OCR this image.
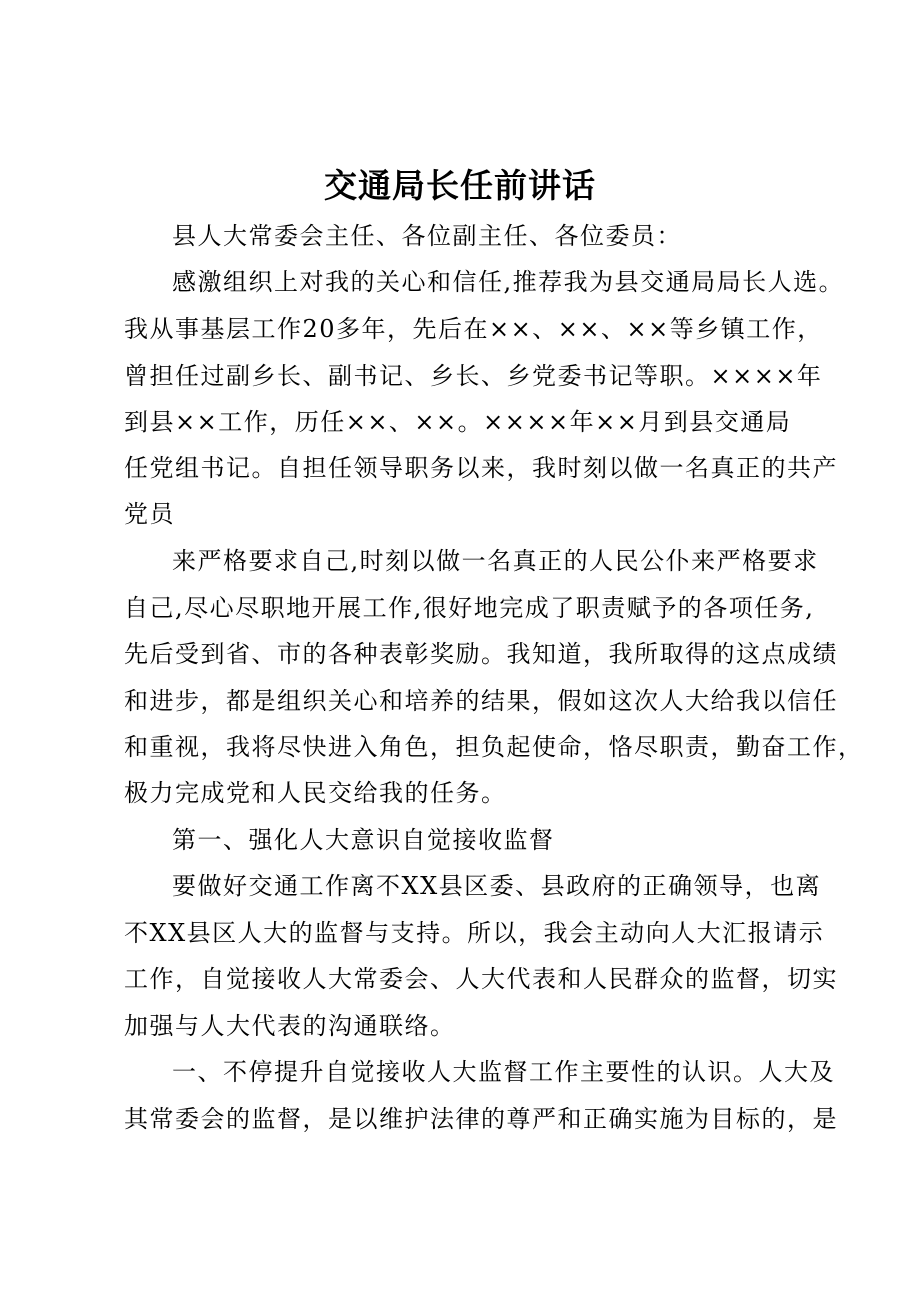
交通局长任前讲话
县人大常委会主任、各位副主任、各位委员：
感激组织上对我的关心和信任,推荐我为县交通局局长人选。
我从事基层工作20多年，先后在××、××、××等乡镇工作，
曾担任过副乡长、副书记、乡长、乡党委书记等职。××××年
到县××工作，历任××、××。××××年××月到县交通局
任党组书记。自担任领导职务以来，我时刻以做一名真正的共产
党员
来严格要求自己,时刻以做一名真正的人民公仆来严格要求
自己,尽心尽职地开展工作,很好地完成了职责赋予的各项任务,
先后受到省、市的各种表彰奖励。我知道，我所取得的这点成绩
和进步，都是组织关心和培养的结果，假如这次人大给我以信任
和重视，我将尽快进入角色，担负起使命，恪尽职责，勤奋工作，
极力完成党和人民交给我的任务。
第一、强化人大意识自觉接收监督
要做好交通工作离不XX县区委、县政府的正确领导，也离
不XX县区人大的监督与支持。所以，我会主动向人大汇报请示
工作，自觉接收人大常委会、人大代表和人民群众的监督，切实
加强与人大代表的沟通联络。
一、不停提升自觉接收人大监督工作主要性的认识。人大及
其常委会的监督，是以维护法律的尊严和正确实施为目标的，是
